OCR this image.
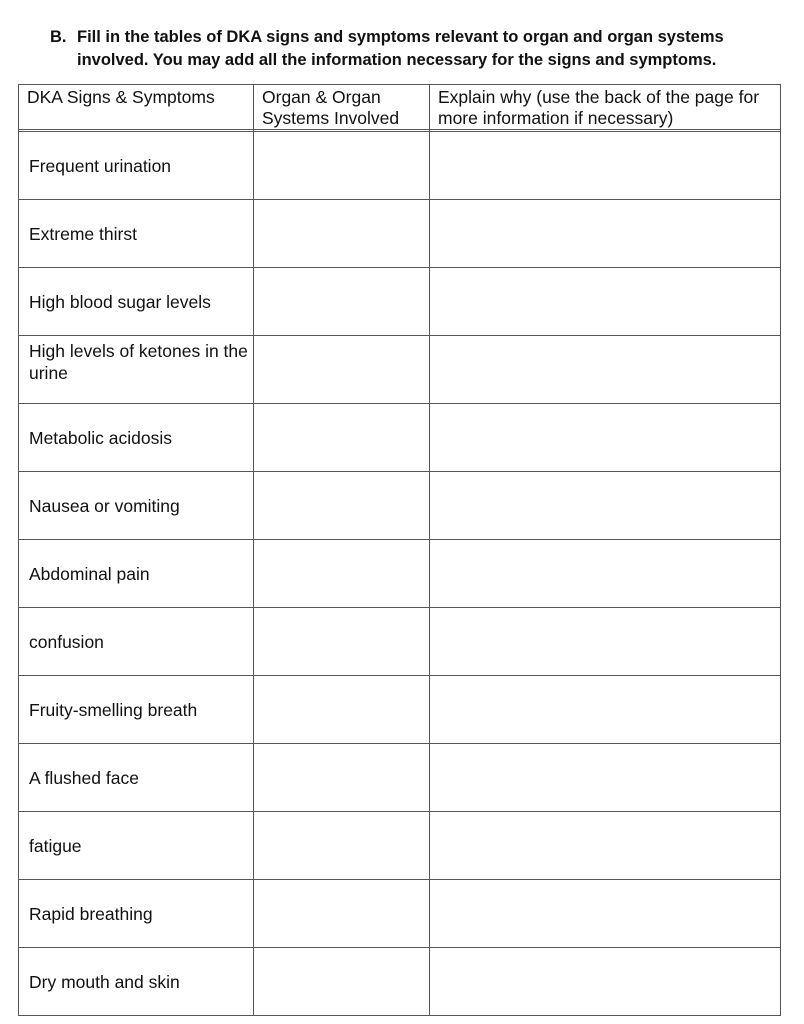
B. Fill in the tables of DKA signs and symptoms relevant to organ and organ systems
involved. You may add all the information necessary for the signs and symptoms.
DKA Signs & Symptoms	Organ & Organ Systems Involved	Explain why (use the back of the page for more information if necessary)

Frequent urination		
Extreme thirst		
High blood sugar levels		
High levels of ketones in the urine		
Metabolic acidosis		
Nausea or vomiting		
Abdominal pain		
confusion		
Fruity-smelling breath		
A flushed face		
fatigue		
Rapid breathing		
Dry mouth and skin		
